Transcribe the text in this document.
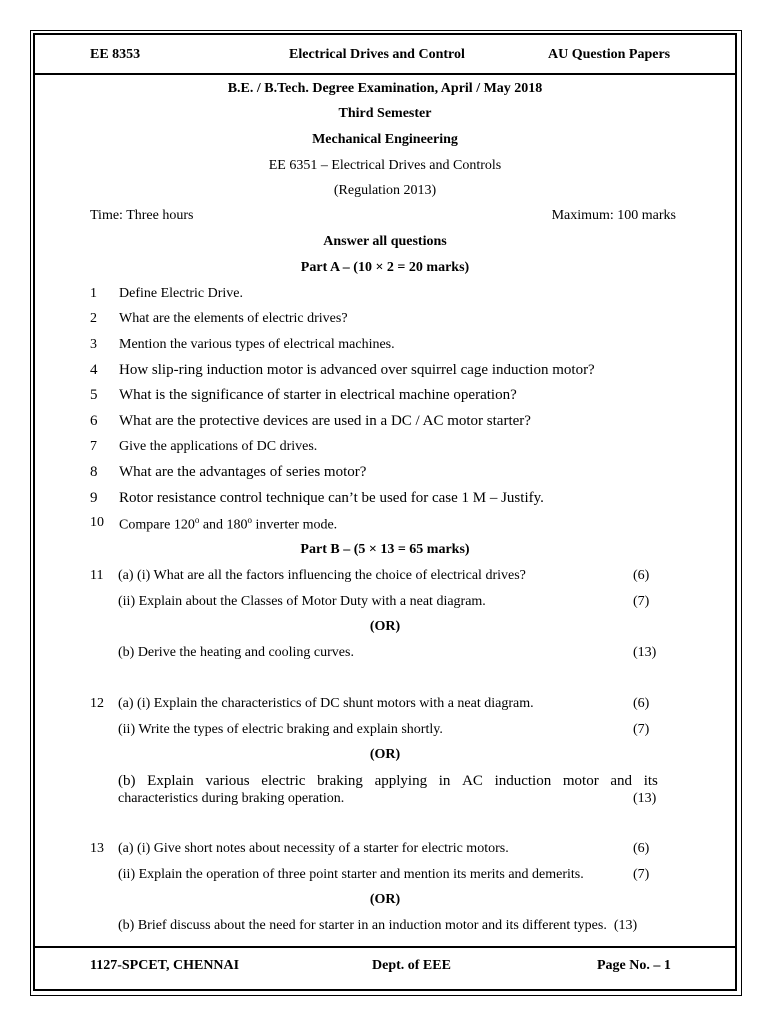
EE 8353	Electrical Drives and Control	AU Question Papers
B.E. / B.Tech. Degree Examination, April / May 2018
Third Semester
Mechanical Engineering
EE 6351 – Electrical Drives and Controls
(Regulation 2013)
Time: Three hours	Maximum: 100 marks
Answer all questions
Part A – (10 × 2 = 20 marks)
1 Define Electric Drive.
2 What are the elements of electric drives?
3 Mention the various types of electrical machines.
4 How slip-ring induction motor is advanced over squirrel cage induction motor?
5 What is the significance of starter in electrical machine operation?
6 What are the protective devices are used in a DC / AC motor starter?
7 Give the applications of DC drives.
8 What are the advantages of series motor?
9 Rotor resistance control technique can’t be used for case 1 M – Justify.
10 Compare 120$^o$ and 180$^o$ inverter mode.
Part B – (5 × 13 = 65 marks)
11 (a) (i) What are all the factors influencing the choice of electrical drives?	(6)
(ii) Explain about the Classes of Motor Duty with a neat diagram.	(7)
(OR)
(b) Derive the heating and cooling curves.	(13)
12 (a) (i) Explain the characteristics of DC shunt motors with a neat diagram.	(6)
(ii) Write the types of electric braking and explain shortly.	(7)
(OR)
(b) Explain various electric braking applying in AC induction motor and its
characteristics during braking operation.	(13)
13 (a) (i) Give short notes about necessity of a starter for electric motors.	(6)
(ii) Explain the operation of three point starter and mention its merits and demerits.	(7)
(OR)
(b) Brief discuss about the need for starter in an induction motor and its different types. (13)
1127-SPCET, CHENNAI	Dept. of EEE	Page No. – 1
